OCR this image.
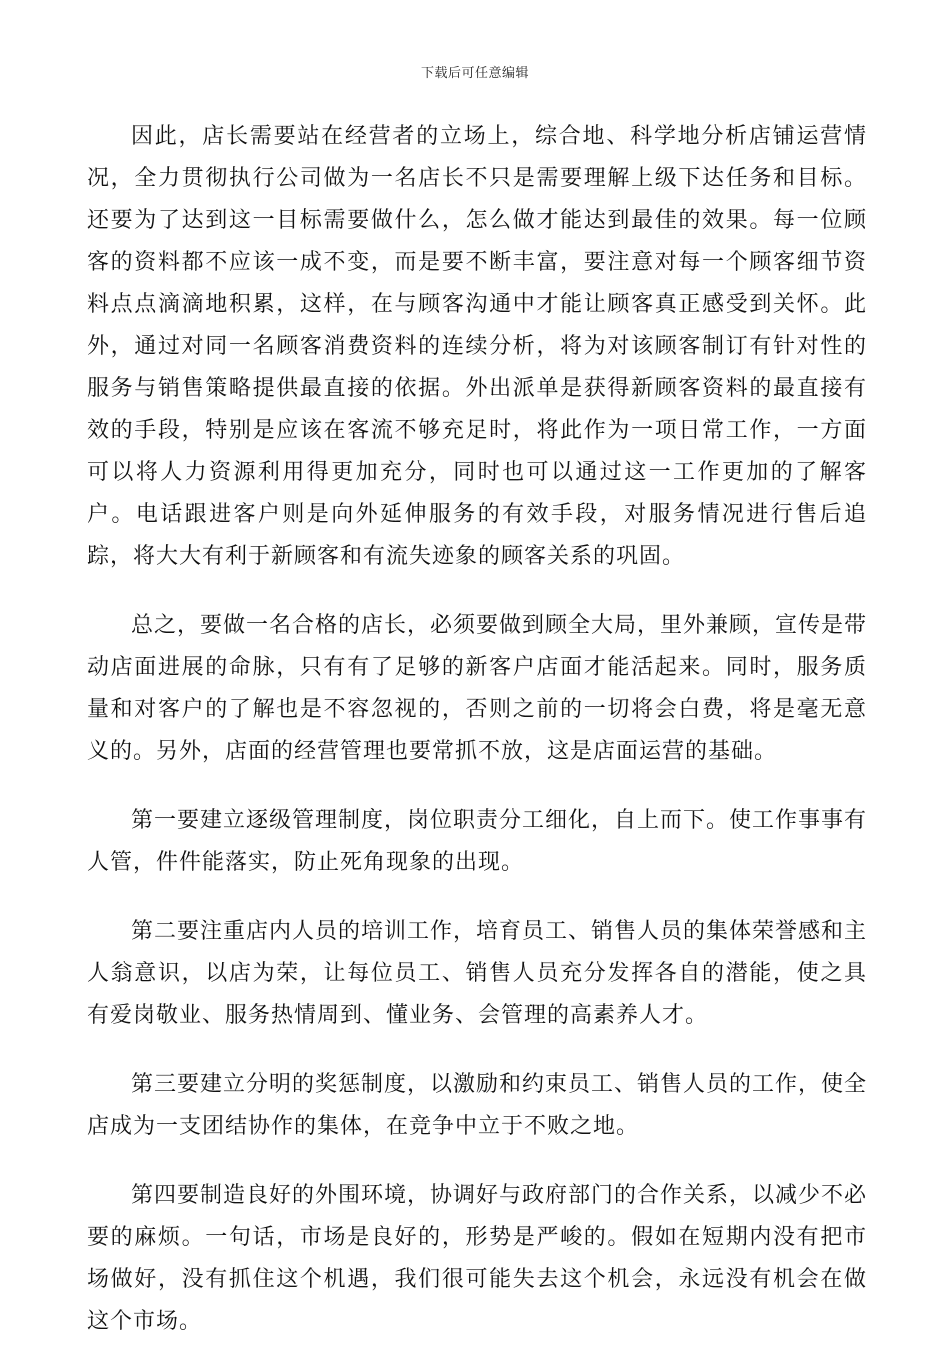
下载后可任意编辑

因此，店长需要站在经营者的立场上，综合地、科学地分析店铺运营情况，全力贯彻执行公司做为一名店长不只是需要理解上级下达任务和目标。还要为了达到这一目标需要做什么，怎么做才能达到最佳的效果。每一位顾客的资料都不应该一成不变，而是要不断丰富，要注意对每一个顾客细节资料点点滴滴地积累，这样，在与顾客沟通中才能让顾客真正感受到关怀。此外，通过对同一名顾客消费资料的连续分析，将为对该顾客制订有针对性的服务与销售策略提供最直接的依据。外出派单是获得新顾客资料的最直接有效的手段，特别是应该在客流不够充足时，将此作为一项日常工作，一方面可以将人力资源利用得更加充分，同时也可以通过这一工作更加的了解客户。电话跟进客户则是向外延伸服务的有效手段，对服务情况进行售后追踪，将大大有利于新顾客和有流失迹象的顾客关系的巩固。

总之，要做一名合格的店长，必须要做到顾全大局，里外兼顾，宣传是带动店面进展的命脉，只有有了足够的新客户店面才能活起来。同时，服务质量和对客户的了解也是不容忽视的，否则之前的一切将会白费，将是毫无意义的。另外，店面的经营管理也要常抓不放，这是店面运营的基础。

第一要建立逐级管理制度，岗位职责分工细化，自上而下。使工作事事有人管，件件能落实，防止死角现象的出现。

第二要注重店内人员的培训工作，培育员工、销售人员的集体荣誉感和主人翁意识，以店为荣，让每位员工、销售人员充分发挥各自的潜能，使之具有爱岗敬业、服务热情周到、懂业务、会管理的高素养人才。

第三要建立分明的奖惩制度，以激励和约束员工、销售人员的工作，使全店成为一支团结协作的集体，在竞争中立于不败之地。

第四要制造良好的外围环境，协调好与政府部门的合作关系，以减少不必要的麻烦。一句话，市场是良好的，形势是严峻的。假如在短期内没有把市场做好，没有抓住这个机遇，我们很可能失去这个机会，永远没有机会在做这个市场。
